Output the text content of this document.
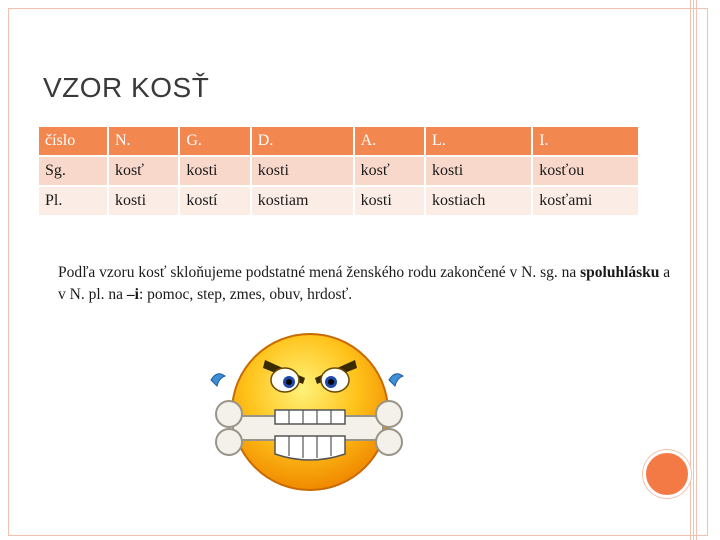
VZOR KOSŤ
číslo	N.	G.	D.	A.	L.	I.
Sg.	kosť	kosti	kosti	kosť	kosti	kosťou
Pl.	kosti	kostí	kostiam	kosti	kostiach	kosťami
Podľa vzoru kosť skloňujeme podstatné mená ženského rodu zakončené v N. sg. na spoluhlásku a v N. pl. na –i: pomoc, step, zmes, obuv, hrdosť.
